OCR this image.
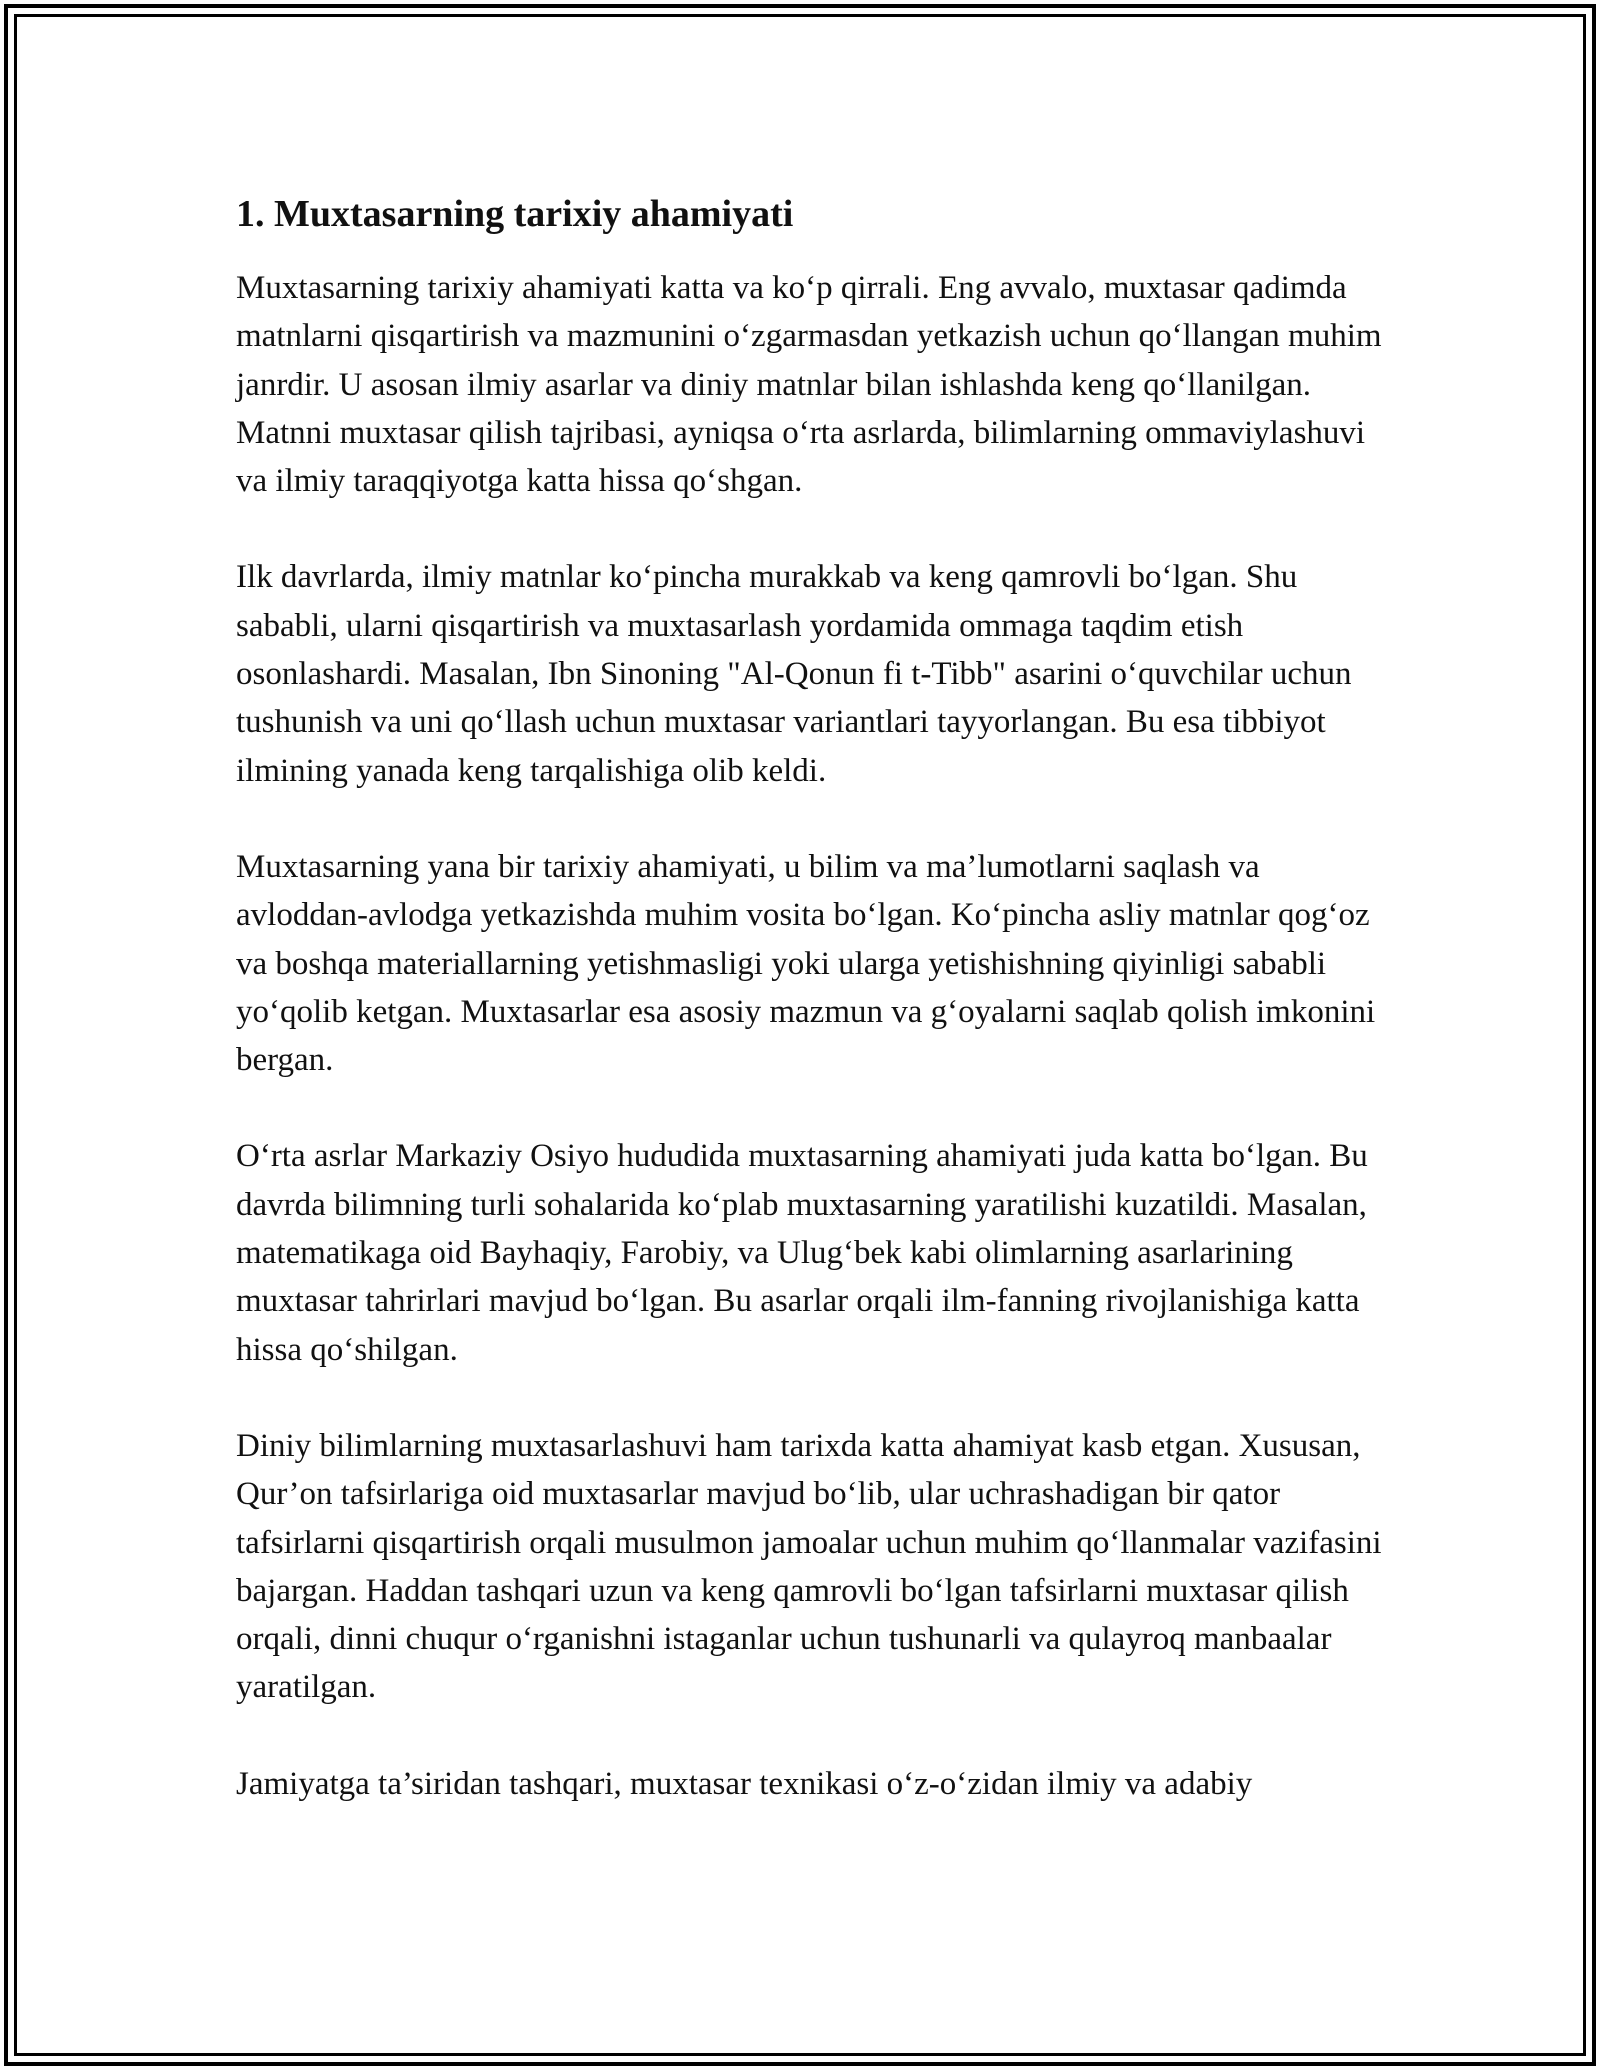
1. Muxtasarning tarixiy ahamiyati

Muxtasarning tarixiy ahamiyati katta va ko‘p qirrali. Eng avvalo, muxtasar qadimda matnlarni qisqartirish va mazmunini o‘zgarmasdan yetkazish uchun qo‘llangan muhim janrdir. U asosan ilmiy asarlar va diniy matnlar bilan ishlashda keng qo‘llanilgan. Matnni muxtasar qilish tajribasi, ayniqsa o‘rta asrlarda, bilimlarning ommaviylashuvi va ilmiy taraqqiyotga katta hissa qo‘shgan.

Ilk davrlarda, ilmiy matnlar ko‘pincha murakkab va keng qamrovli bo‘lgan. Shu sababli, ularni qisqartirish va muxtasarlash yordamida ommaga taqdim etish osonlashardi. Masalan, Ibn Sinoning "Al-Qonun fi t-Tibb" asarini o‘quvchilar uchun tushunish va uni qo‘llash uchun muxtasar variantlari tayyorlangan. Bu esa tibbiyot ilmining yanada keng tarqalishiga olib keldi.

Muxtasarning yana bir tarixiy ahamiyati, u bilim va ma’lumotlarni saqlash va avloddan-avlodga yetkazishda muhim vosita bo‘lgan. Ko‘pincha asliy matnlar qog‘oz va boshqa materiallarning yetishmasligi yoki ularga yetishishning qiyinligi sababli yo‘qolib ketgan. Muxtasarlar esa asosiy mazmun va g‘oyalarni saqlab qolish imkonini bergan.

O‘rta asrlar Markaziy Osiyo hududida muxtasarning ahamiyati juda katta bo‘lgan. Bu davrda bilimning turli sohalarida ko‘plab muxtasarning yaratilishi kuzatildi. Masalan, matematikaga oid Bayhaqiy, Farobiy, va Ulug‘bek kabi olimlarning asarlarining muxtasar tahrirlari mavjud bo‘lgan. Bu asarlar orqali ilm-fanning rivojlanishiga katta hissa qo‘shilgan.

Diniy bilimlarning muxtasarlashuvi ham tarixda katta ahamiyat kasb etgan. Xususan, Qur’on tafsirlariga oid muxtasarlar mavjud bo‘lib, ular uchrashadigan bir qator tafsirlarni qisqartirish orqali musulmon jamoalar uchun muhim qo‘llanmalar vazifasini bajargan. Haddan tashqari uzun va keng qamrovli bo‘lgan tafsirlarni muxtasar qilish orqali, dinni chuqur o‘rganishni istaganlar uchun tushunarli va qulayroq manbaalar yaratilgan.

Jamiyatga ta’siridan tashqari, muxtasar texnikasi o‘z-o‘zidan ilmiy va adabiy
